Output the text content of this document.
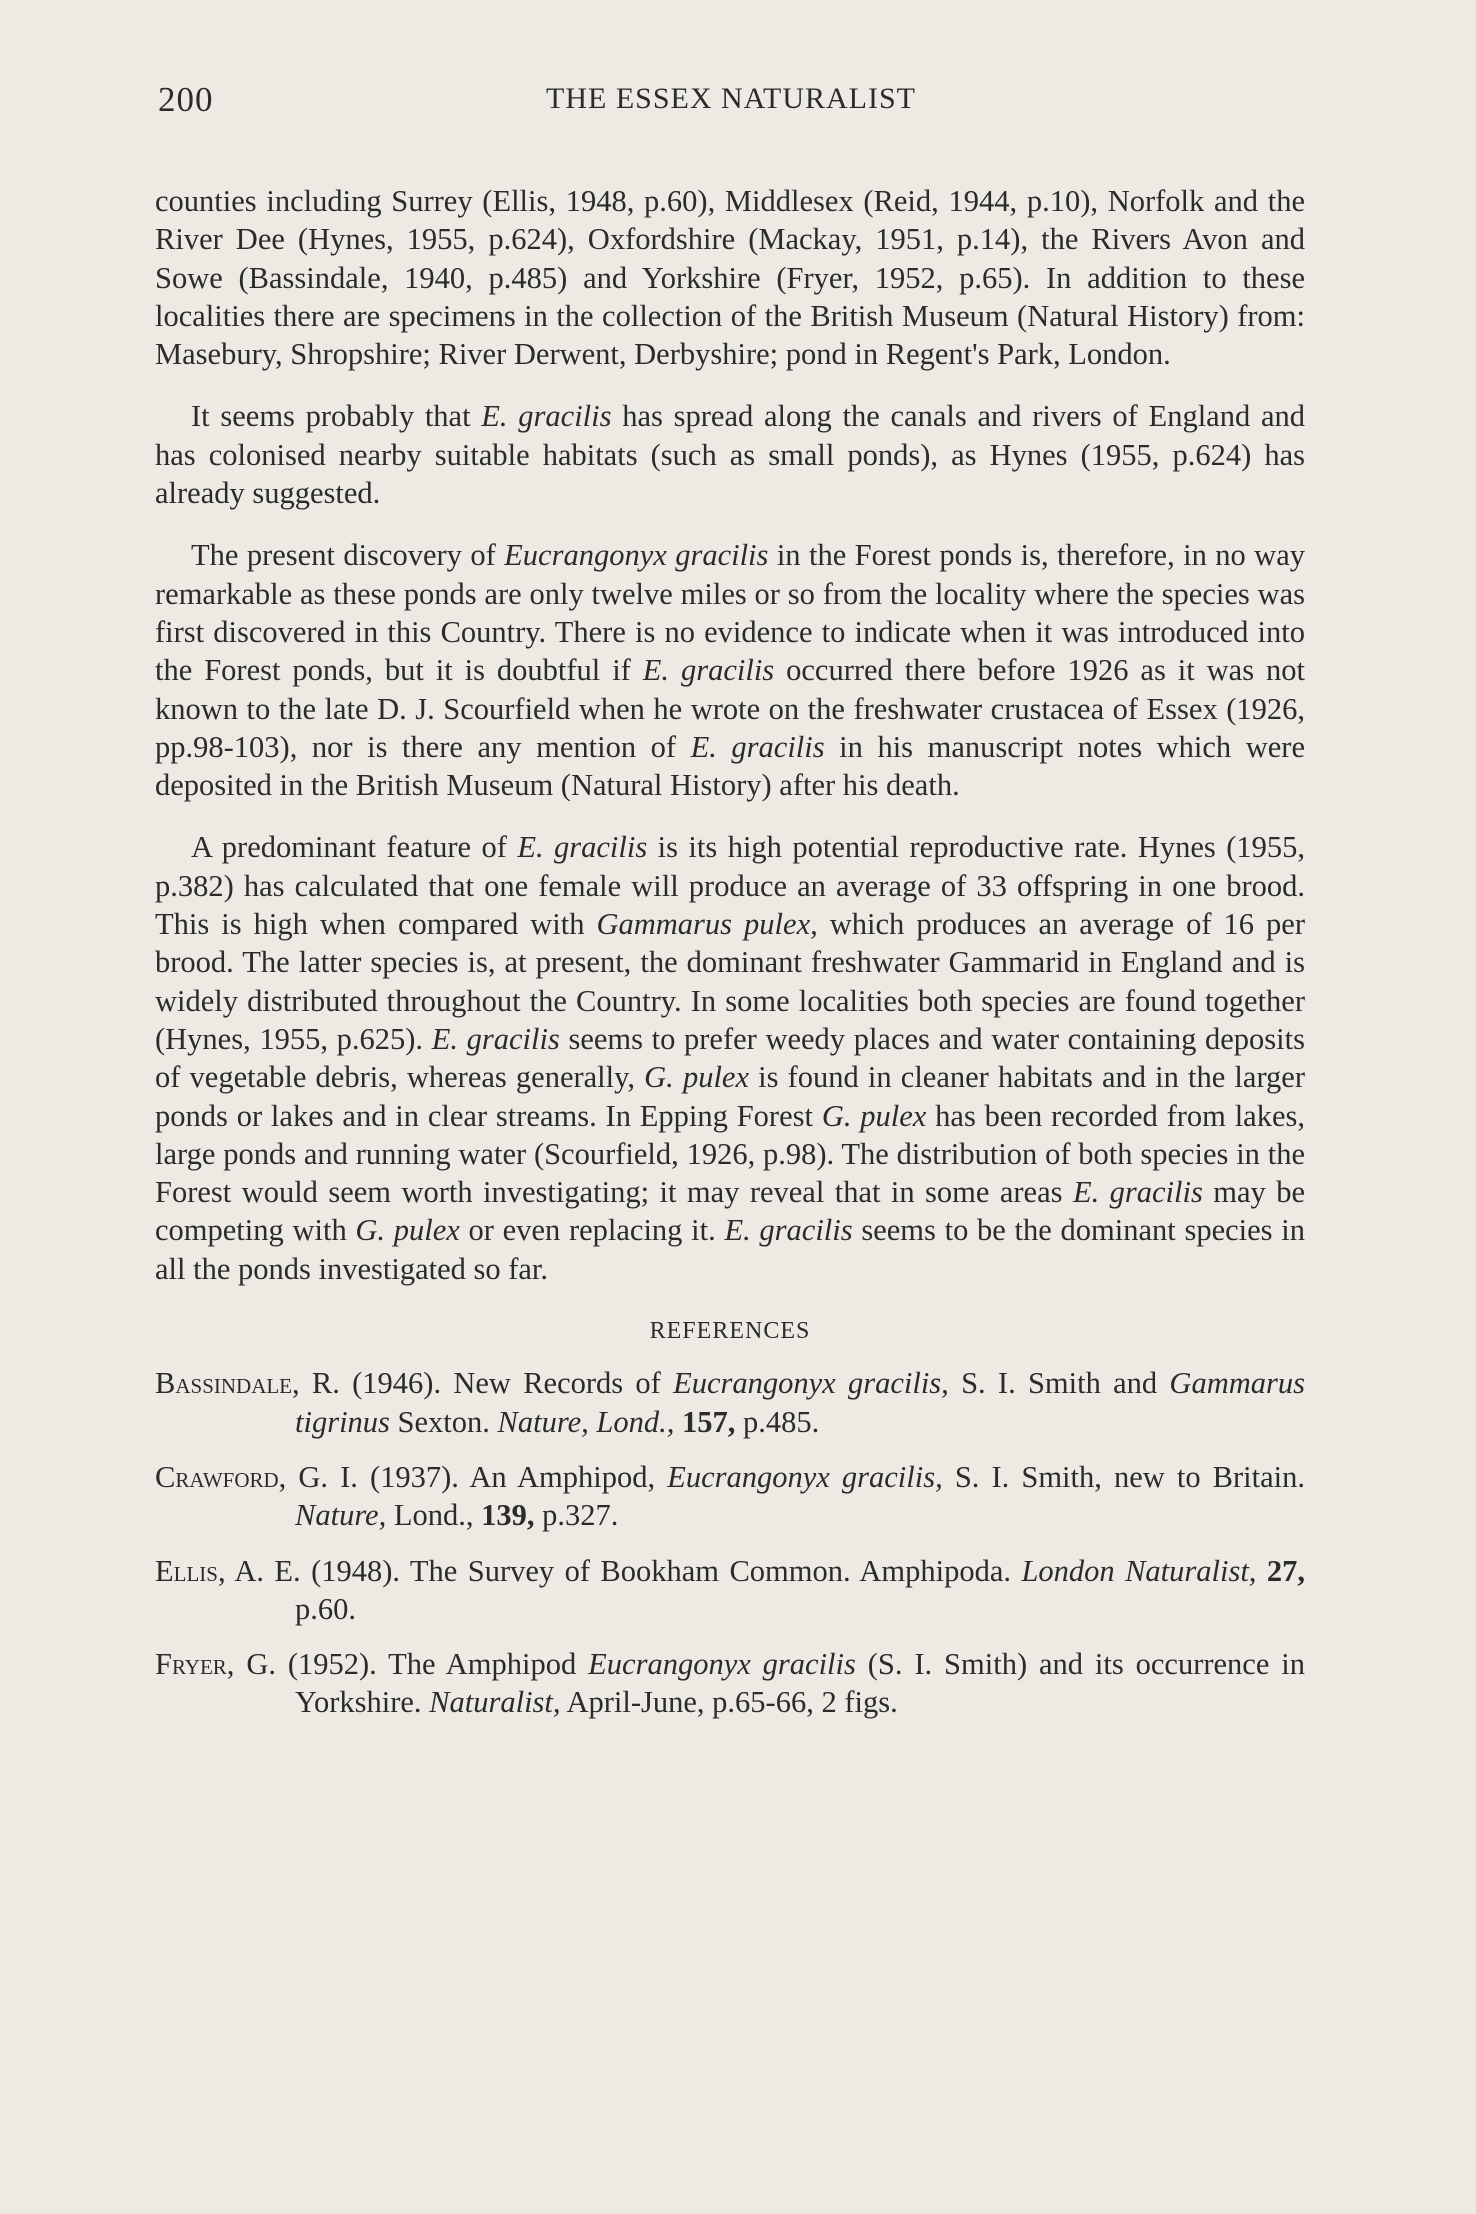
200	THE ESSEX NATURALIST

counties including Surrey (Ellis, 1948, p.60), Middlesex (Reid, 1944, p.10), Norfolk and the River Dee (Hynes, 1955, p.624), Oxfordshire (Mackay, 1951, p.14), the Rivers Avon and Sowe (Bassindale, 1940, p.485) and Yorkshire (Fryer, 1952, p.65). In addition to these localities there are specimens in the collection of the British Museum (Natural History) from: Masebury, Shropshire; River Derwent, Derbyshire; pond in Regent's Park, London.

It seems probably that E. gracilis has spread along the canals and rivers of England and has colonised nearby suitable habitats (such as small ponds), as Hynes (1955, p.624) has already suggested.

The present discovery of Eucrangonyx gracilis in the Forest ponds is, therefore, in no way remarkable as these ponds are only twelve miles or so from the locality where the species was first discovered in this Country. There is no evidence to indicate when it was introduced into the Forest ponds, but it is doubtful if E. gracilis occurred there before 1926 as it was not known to the late D. J. Scourfield when he wrote on the freshwater crustacea of Essex (1926, pp.98-103), nor is there any mention of E. gracilis in his manuscript notes which were deposited in the British Museum (Natural History) after his death.

A predominant feature of E. gracilis is its high potential reproductive rate. Hynes (1955, p.382) has calculated that one female will produce an average of 33 offspring in one brood. This is high when compared with Gammarus pulex, which produces an average of 16 per brood. The latter species is, at present, the dominant freshwater Gammarid in England and is widely distributed throughout the Country. In some localities both species are found together (Hynes, 1955, p.625). E. gracilis seems to prefer weedy places and water containing deposits of vegetable debris, whereas generally, G. pulex is found in cleaner habitats and in the larger ponds or lakes and in clear streams. In Epping Forest G. pulex has been recorded from lakes, large ponds and running water (Scourfield, 1926, p.98). The distribution of both species in the Forest would seem worth investigating; it may reveal that in some areas E. gracilis may be competing with G. pulex or even replacing it. E. gracilis seems to be the dominant species in all the ponds investigated so far.

REFERENCES

Bassindale, R. (1946). New Records of Eucrangonyx gracilis, S. I. Smith and Gammarus tigrinus Sexton. Nature, Lond., 157, p.485.

Crawford, G. I. (1937). An Amphipod, Eucrangonyx gracilis, S. I. Smith, new to Britain. Nature, Lond., 139, p.327.

Ellis, A. E. (1948). The Survey of Bookham Common. Amphipoda. London Naturalist, 27, p.60.

Fryer, G. (1952). The Amphipod Eucrangonyx gracilis (S. I. Smith) and its occurrence in Yorkshire. Naturalist, April-June, p.65-66, 2 figs.
